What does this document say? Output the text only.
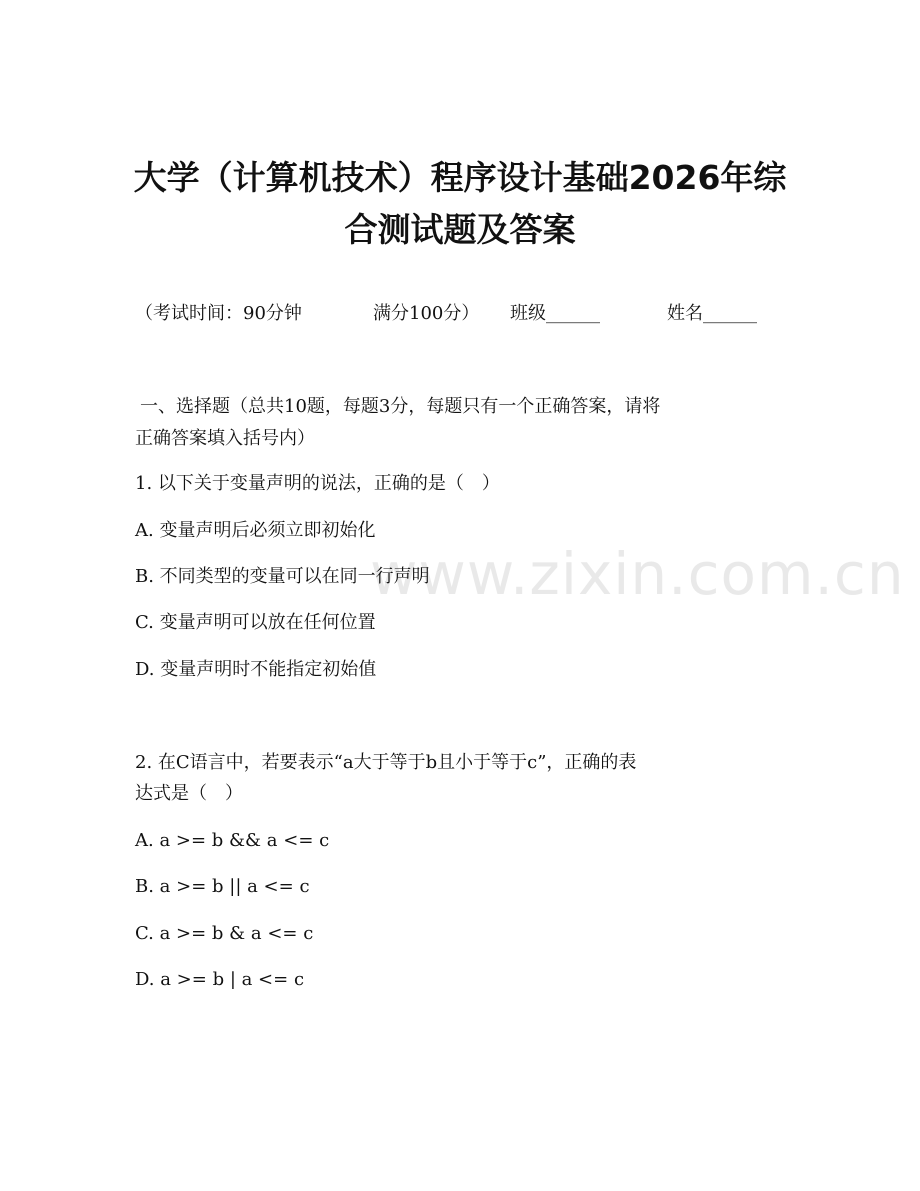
www.zixin.com.cn
大学（计算机技术）程序设计基础2026年综
合测试题及答案

（考试时间：90分钟

	满分100分）

班级______

	姓名______

一、选择题（总共10题，每题3分，每题只有一个正确答案，请将
正确答案填入括号内）
1. 以下关于变量声明的说法，正确的是（　）
A. 变量声明后必须立即初始化
B. 不同类型的变量可以在同一行声明
C. 变量声明可以放在任何位置
D. 变量声明时不能指定初始值
2. 在C语言中，若要表示“a大于等于b且小于等于c”，正确的表
达式是（　）
A. a >= b && a <= c
B. a >= b || a <= c
C. a >= b & a <= c
D. a >= b | a <= c
